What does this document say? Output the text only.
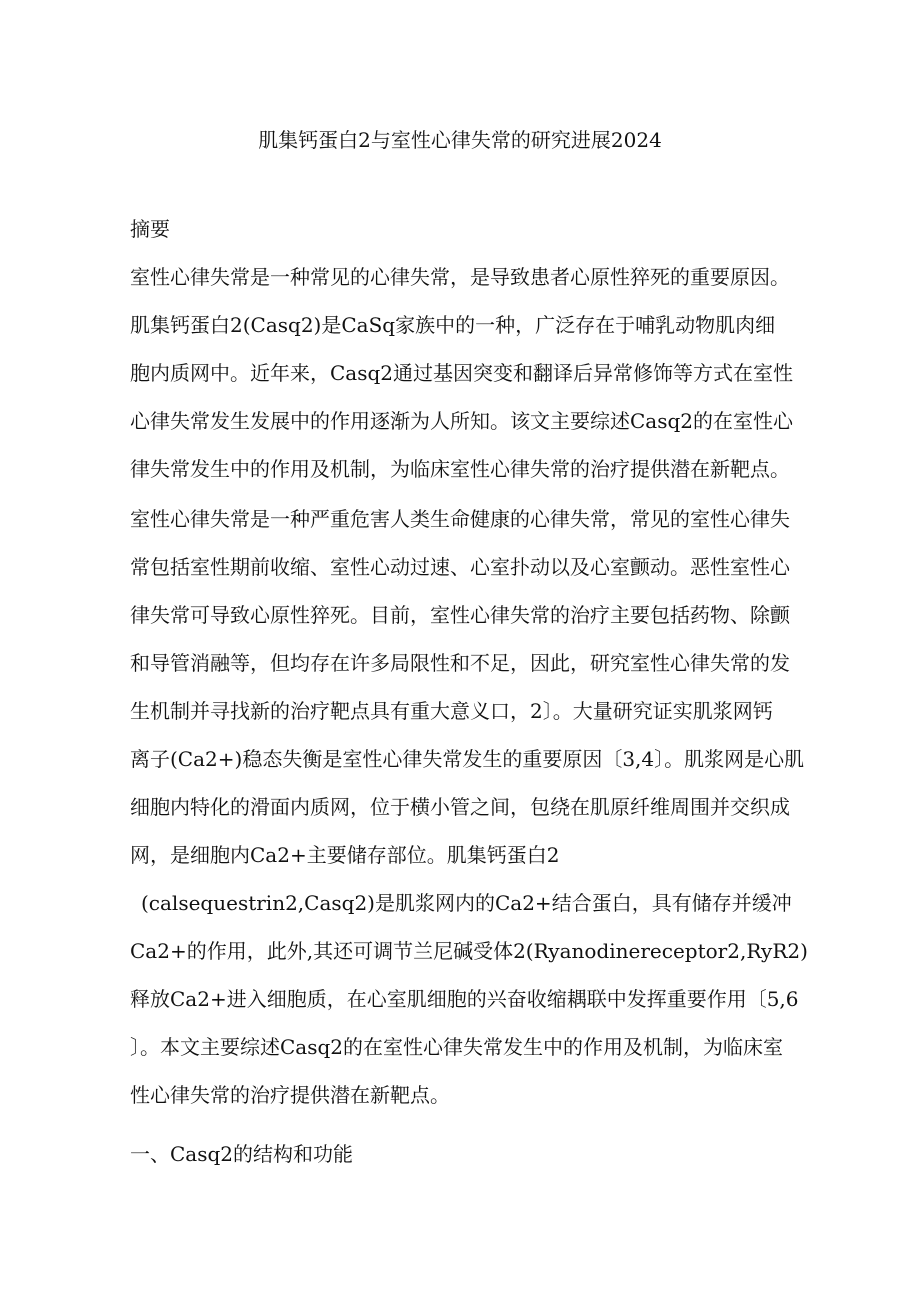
肌集钙蛋白2与室性心律失常的研究进展2024
摘要
室性心律失常是一种常见的心律失常，是导致患者心原性猝死的重要原因。
肌集钙蛋白2(Casq2)是CaSq家族中的一种，广泛存在于哺乳动物肌肉细
胞内质网中。近年来，Casq2通过基因突变和翻译后异常修饰等方式在室性
心律失常发生发展中的作用逐渐为人所知。该文主要综述Casq2的在室性心
律失常发生中的作用及机制，为临床室性心律失常的治疗提供潜在新靶点。
室性心律失常是一种严重危害人类生命健康的心律失常，常见的室性心律失
常包括室性期前收缩、室性心动过速、心室扑动以及心室颤动。恶性室性心
律失常可导致心原性猝死。目前，室性心律失常的治疗主要包括药物、除颤
和导管消融等，但均存在许多局限性和不足，因此，研究室性心律失常的发
生机制并寻找新的治疗靶点具有重大意义口，2〕。大量研究证实肌浆网钙
离子(Ca2+)稳态失衡是室性心律失常发生的重要原因〔3,4〕。肌浆网是心肌
细胞内特化的滑面内质网，位于横小管之间，包绕在肌原纤维周围并交织成
网，是细胞内Ca2+主要储存部位。肌集钙蛋白2
(calsequestrin2,Casq2)是肌浆网内的Ca2+结合蛋白，具有储存并缓冲
Ca2+的作用，此外,其还可调节兰尼碱受体2(Ryanodinereceptor2,RyR2)
释放Ca2+进入细胞质，在心室肌细胞的兴奋收缩耦联中发挥重要作用〔5,6
〕。本文主要综述Casq2的在室性心律失常发生中的作用及机制，为临床室
性心律失常的治疗提供潜在新靶点。
一、Casq2的结构和功能
